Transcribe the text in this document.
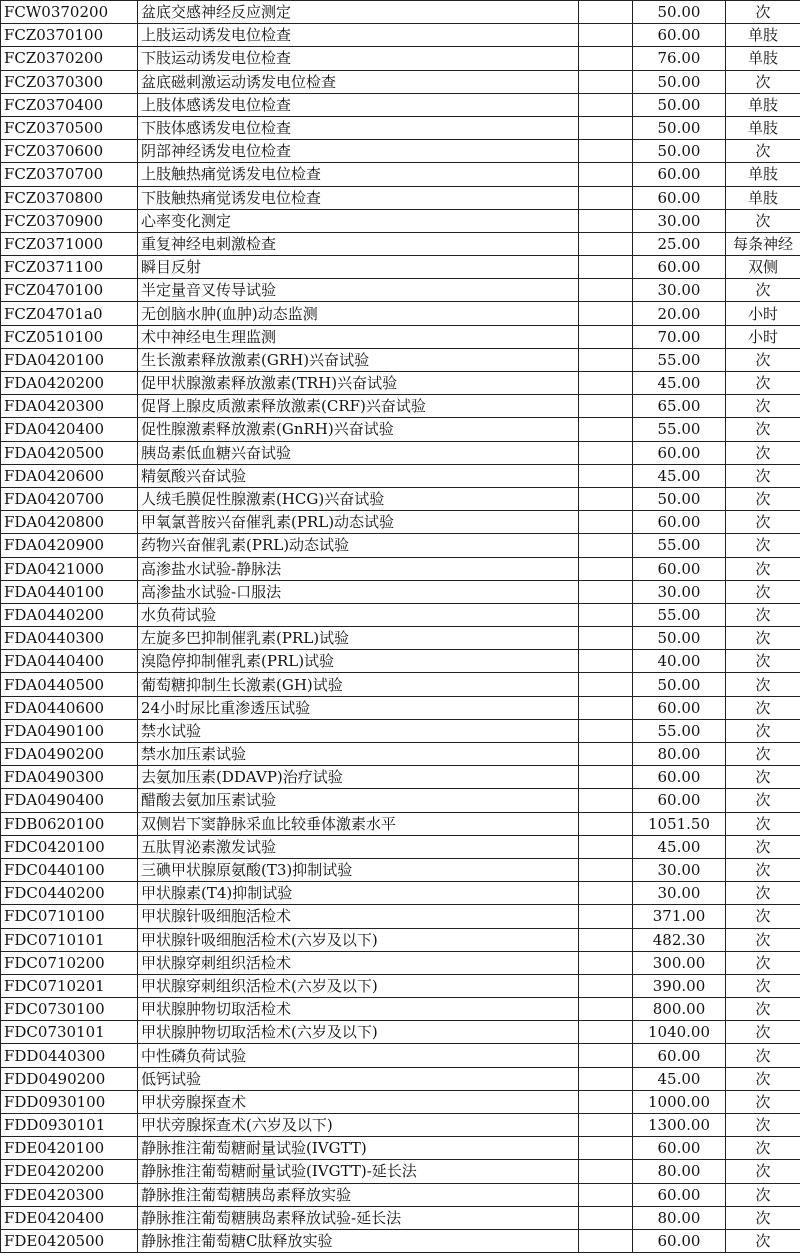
FCW0370200	盆底交感神经反应测定		50.00	次
FCZ0370100	上肢运动诱发电位检查		60.00	单肢
FCZ0370200	下肢运动诱发电位检查		76.00	单肢
FCZ0370300	盆底磁刺激运动诱发电位检查		50.00	次
FCZ0370400	上肢体感诱发电位检查		50.00	单肢
FCZ0370500	下肢体感诱发电位检查		50.00	单肢
FCZ0370600	阴部神经诱发电位检查		50.00	次
FCZ0370700	上肢触热痛觉诱发电位检查		60.00	单肢
FCZ0370800	下肢触热痛觉诱发电位检查		60.00	单肢
FCZ0370900	心率变化测定		30.00	次
FCZ0371000	重复神经电刺激检查		25.00	每条神经
FCZ0371100	瞬目反射		60.00	双侧
FCZ0470100	半定量音叉传导试验		30.00	次
FCZ04701a0	无创脑水肿(血肿)动态监测		20.00	小时
FCZ0510100	术中神经电生理监测		70.00	小时
FDA0420100	生长激素释放激素(GRH)兴奋试验		55.00	次
FDA0420200	促甲状腺激素释放激素(TRH)兴奋试验		45.00	次
FDA0420300	促肾上腺皮质激素释放激素(CRF)兴奋试验		65.00	次
FDA0420400	促性腺激素释放激素(GnRH)兴奋试验		55.00	次
FDA0420500	胰岛素低血糖兴奋试验		60.00	次
FDA0420600	精氨酸兴奋试验		45.00	次
FDA0420700	人绒毛膜促性腺激素(HCG)兴奋试验		50.00	次
FDA0420800	甲氧氯普胺兴奋催乳素(PRL)动态试验		60.00	次
FDA0420900	药物兴奋催乳素(PRL)动态试验		55.00	次
FDA0421000	高渗盐水试验-静脉法		60.00	次
FDA0440100	高渗盐水试验-口服法		30.00	次
FDA0440200	水负荷试验		55.00	次
FDA0440300	左旋多巴抑制催乳素(PRL)试验		50.00	次
FDA0440400	溴隐停抑制催乳素(PRL)试验		40.00	次
FDA0440500	葡萄糖抑制生长激素(GH)试验		50.00	次
FDA0440600	24小时尿比重渗透压试验		60.00	次
FDA0490100	禁水试验		55.00	次
FDA0490200	禁水加压素试验		80.00	次
FDA0490300	去氨加压素(DDAVP)治疗试验		60.00	次
FDA0490400	醋酸去氨加压素试验		60.00	次
FDB0620100	双侧岩下窦静脉采血比较垂体激素水平		1051.50	次
FDC0420100	五肽胃泌素激发试验		45.00	次
FDC0440100	三碘甲状腺原氨酸(T3)抑制试验		30.00	次
FDC0440200	甲状腺素(T4)抑制试验		30.00	次
FDC0710100	甲状腺针吸细胞活检术		371.00	次
FDC0710101	甲状腺针吸细胞活检术(六岁及以下)		482.30	次
FDC0710200	甲状腺穿刺组织活检术		300.00	次
FDC0710201	甲状腺穿刺组织活检术(六岁及以下)		390.00	次
FDC0730100	甲状腺肿物切取活检术		800.00	次
FDC0730101	甲状腺肿物切取活检术(六岁及以下)		1040.00	次
FDD0440300	中性磷负荷试验		60.00	次
FDD0490200	低钙试验		45.00	次
FDD0930100	甲状旁腺探查术		1000.00	次
FDD0930101	甲状旁腺探查术(六岁及以下)		1300.00	次
FDE0420100	静脉推注葡萄糖耐量试验(IVGTT)		60.00	次
FDE0420200	静脉推注葡萄糖耐量试验(IVGTT)-延长法		80.00	次
FDE0420300	静脉推注葡萄糖胰岛素释放实验		60.00	次
FDE0420400	静脉推注葡萄糖胰岛素释放试验-延长法		80.00	次
FDE0420500	静脉推注葡萄糖C肽释放实验		60.00	次
